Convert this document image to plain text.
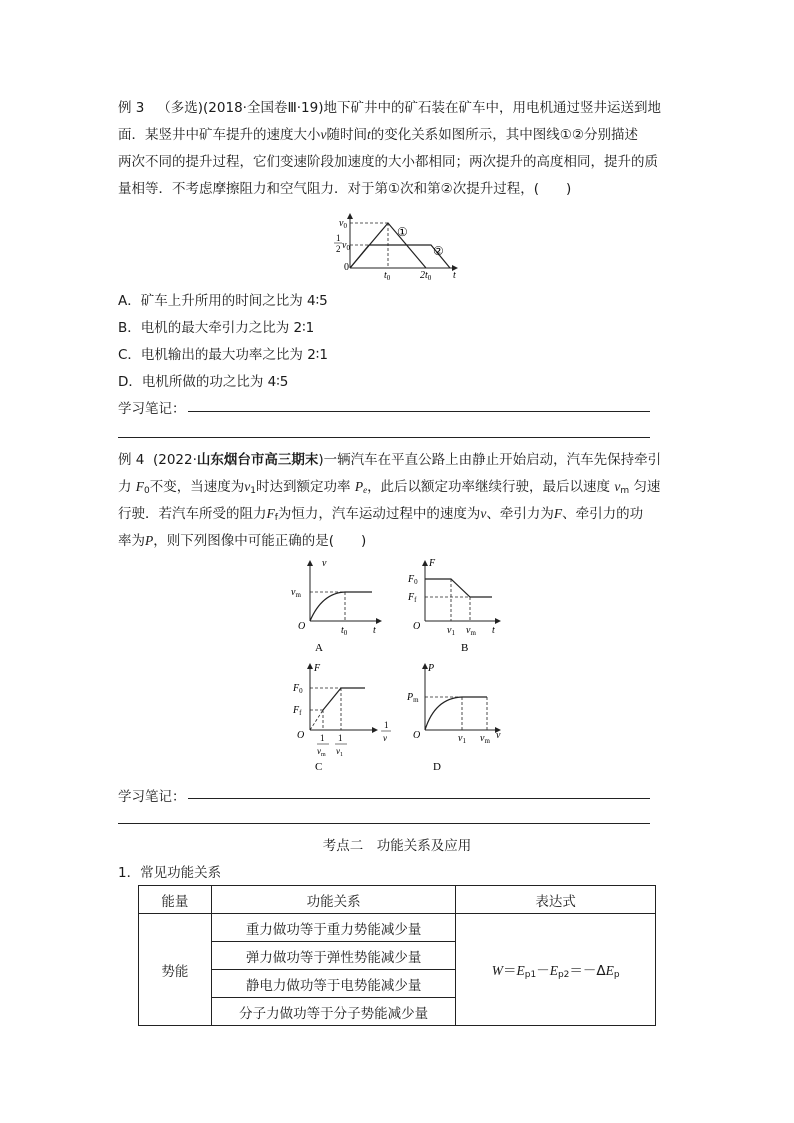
例 3 （多选)(2018·全国卷Ⅲ·19)地下矿井中的矿石装在矿车中，用电机通过竖井运送到地
面．某竖井中矿车提升的速度大小v随时间t的变化关系如图所示，其中图线①②分别描述
两次不同的提升过程，它们变速阶段加速度的大小都相同；两次提升的高度相同，提升的质
量相等．不考虑摩擦阻力和空气阻力．对于第①次和第②次提升过程，(　　)
$v_0$
1
2 $v_0$
0
$t_0$	$2t_0$ t
①
②
A．矿车上升所用的时间之比为 4∶5
B．电机的最大牵引力之比为 2∶1
C．电机输出的最大功率之比为 2∶1
D．电机所做的功之比为 4∶5
学习笔记：
例 4 (2022·山东烟台市高三期末)一辆汽车在平直公路上由静止开始启动，汽车先保持牵引
力 $F_0$不变，当速度为$v_1$时达到额定功率 $P_e$，此后以额定功率继续行驶，最后以速度 $v_m$ 匀速
行驶．若汽车所受的阻力$F_f$为恒力，汽车运动过程中的速度为v、牵引力为F、牵引力的功
率为P，则下列图像中可能正确的是(　　)
v
$v_m$
O	$t_0$	t
A
F
$F_0$
$F_f$
O	$v_1$ $v_m$ t
B
F
$F_0$
$F_f$
O 1
$v_m$
1
$v_1$
1
v
C
P
$P_m$
O	$v_1$ $v_m$ v
D
学习笔记：
考点二　功能关系及应用
1．常见功能关系
能量	功能关系	表达式
势能	重力做功等于重力势能减少量	$W=E_{p1}-E_{p2}=-\Delta E_p$
	弹力做功等于弹性势能减少量	
	静电力做功等于电势能减少量	
	分子力做功等于分子势能减少量	
